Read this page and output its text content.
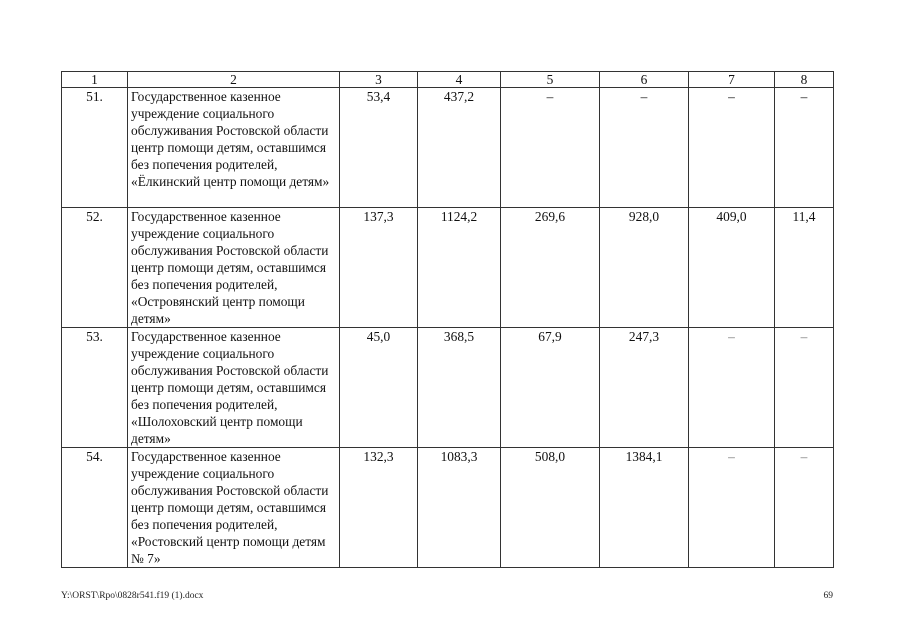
1	2	3	4	5	6	7	8
51.	Государственное казенное учреждение социального обслуживания Ростовской области центр помощи детям, оставшимся без попечения родителей, «Ёлкинский центр помощи детям»	53,4	437,2	–	–	–	–
52.	Государственное казенное учреждение социального обслуживания Ростовской области центр помощи детям, оставшимся без попечения родителей, «Островянский центр помощи детям»	137,3	1124,2	269,6	928,0	409,0	11,4
53.	Государственное казенное учреждение социального обслуживания Ростовской области центр помощи детям, оставшимся без попечения родителей, «Шолоховский центр помощи детям»	45,0	368,5	67,9	247,3	–	–
54.	Государственное казенное учреждение социального обслуживания Ростовской области центр помощи детям, оставшимся без попечения родителей, «Ростовский центр помощи детям № 7»	132,3	1083,3	508,0	1384,1	–	–
Y:\ORST\Rpo\0828r541.f19 (1).docx	69
